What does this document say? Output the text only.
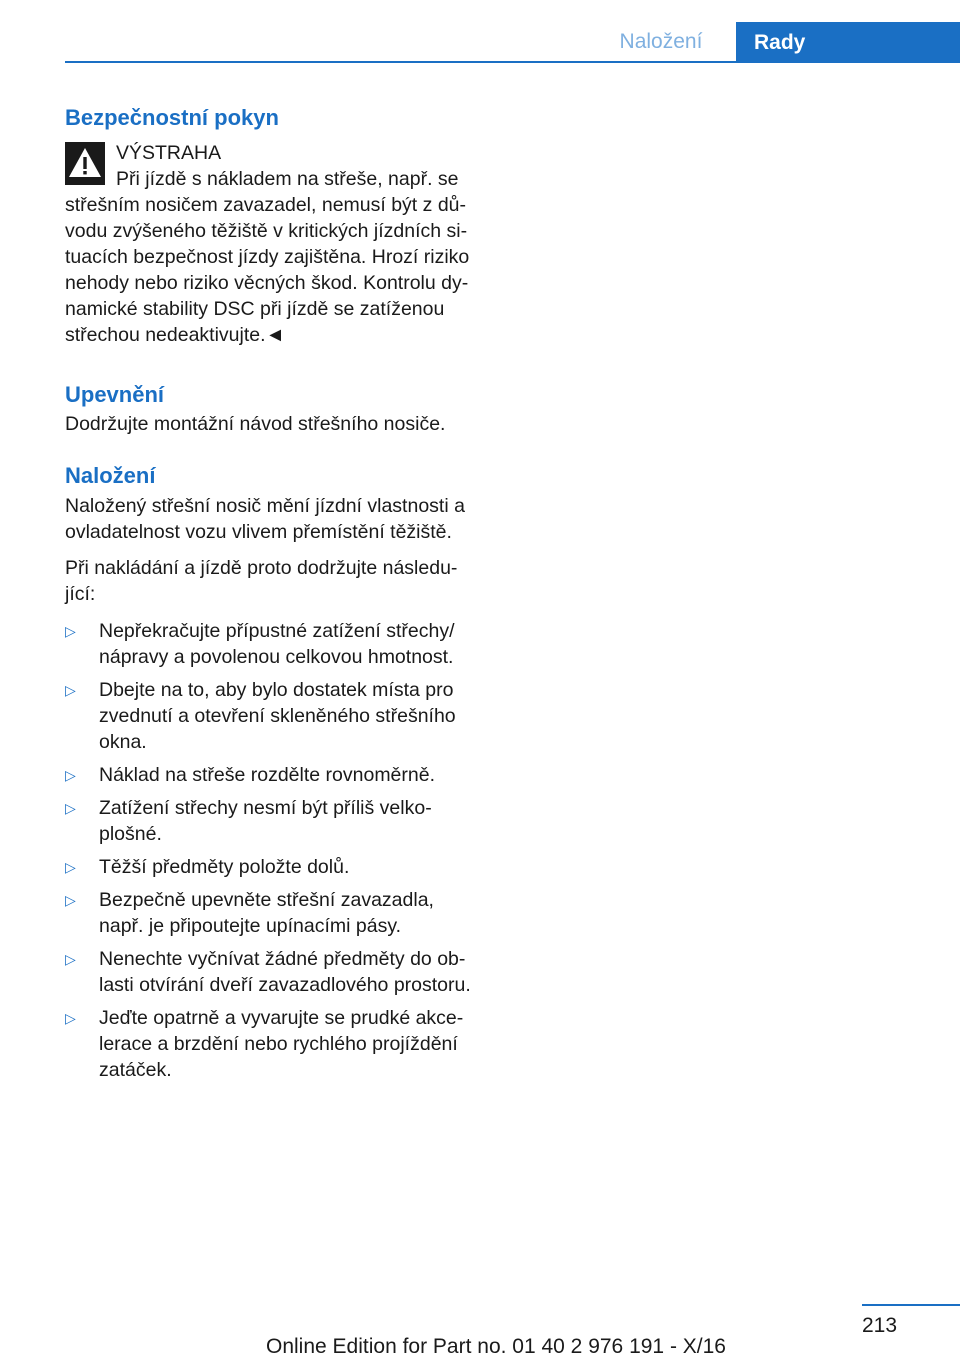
Naložení	Rady
Bezpečnostní pokyn
VÝSTRAHA

Při jízdě s nákladem na střeše, např. se

střešním nosičem zavazadel, nemusí být z dů-

vodu zvýšeného těžiště v kritických jízdních si-

tuacích bezpečnost jízdy zajištěna. Hrozí riziko

nehody nebo riziko věcných škod. Kontrolu dy-

namické stability DSC při jízdě se zatíženou

střechou nedeaktivujte.◄

Upevnění

Dodržujte montážní návod střešního nosiče.

Naložení

Naložený střešní nosič mění jízdní vlastnosti a

ovladatelnost vozu vlivem přemístění těžiště.

Při nakládání a jízdě proto dodržujte následu-

jící:

▷	Nepřekračujte přípustné zatížení střechy/
nápravy a povolenou celkovou hmotnost.
▷	Dbejte na to, aby bylo dostatek místa pro
zvednutí a otevření skleněného střešního
okna.
▷	Náklad na střeše rozdělte rovnoměrně.
▷	Zatížení střechy nesmí být příliš velko-
plošné.
▷	Těžší předměty položte dolů.
▷	Bezpečně upevněte střešní zavazadla,
např. je připoutejte upínacími pásy.
▷	Nenechte vyčnívat žádné předměty do ob-
lasti otvírání dveří zavazadlového prostoru.
▷	Jeďte opatrně a vyvarujte se prudké akce-
lerace a brzdění nebo rychlého projíždění
zatáček.
213
Online Edition for Part no. 01 40 2 976 191 - X/16
